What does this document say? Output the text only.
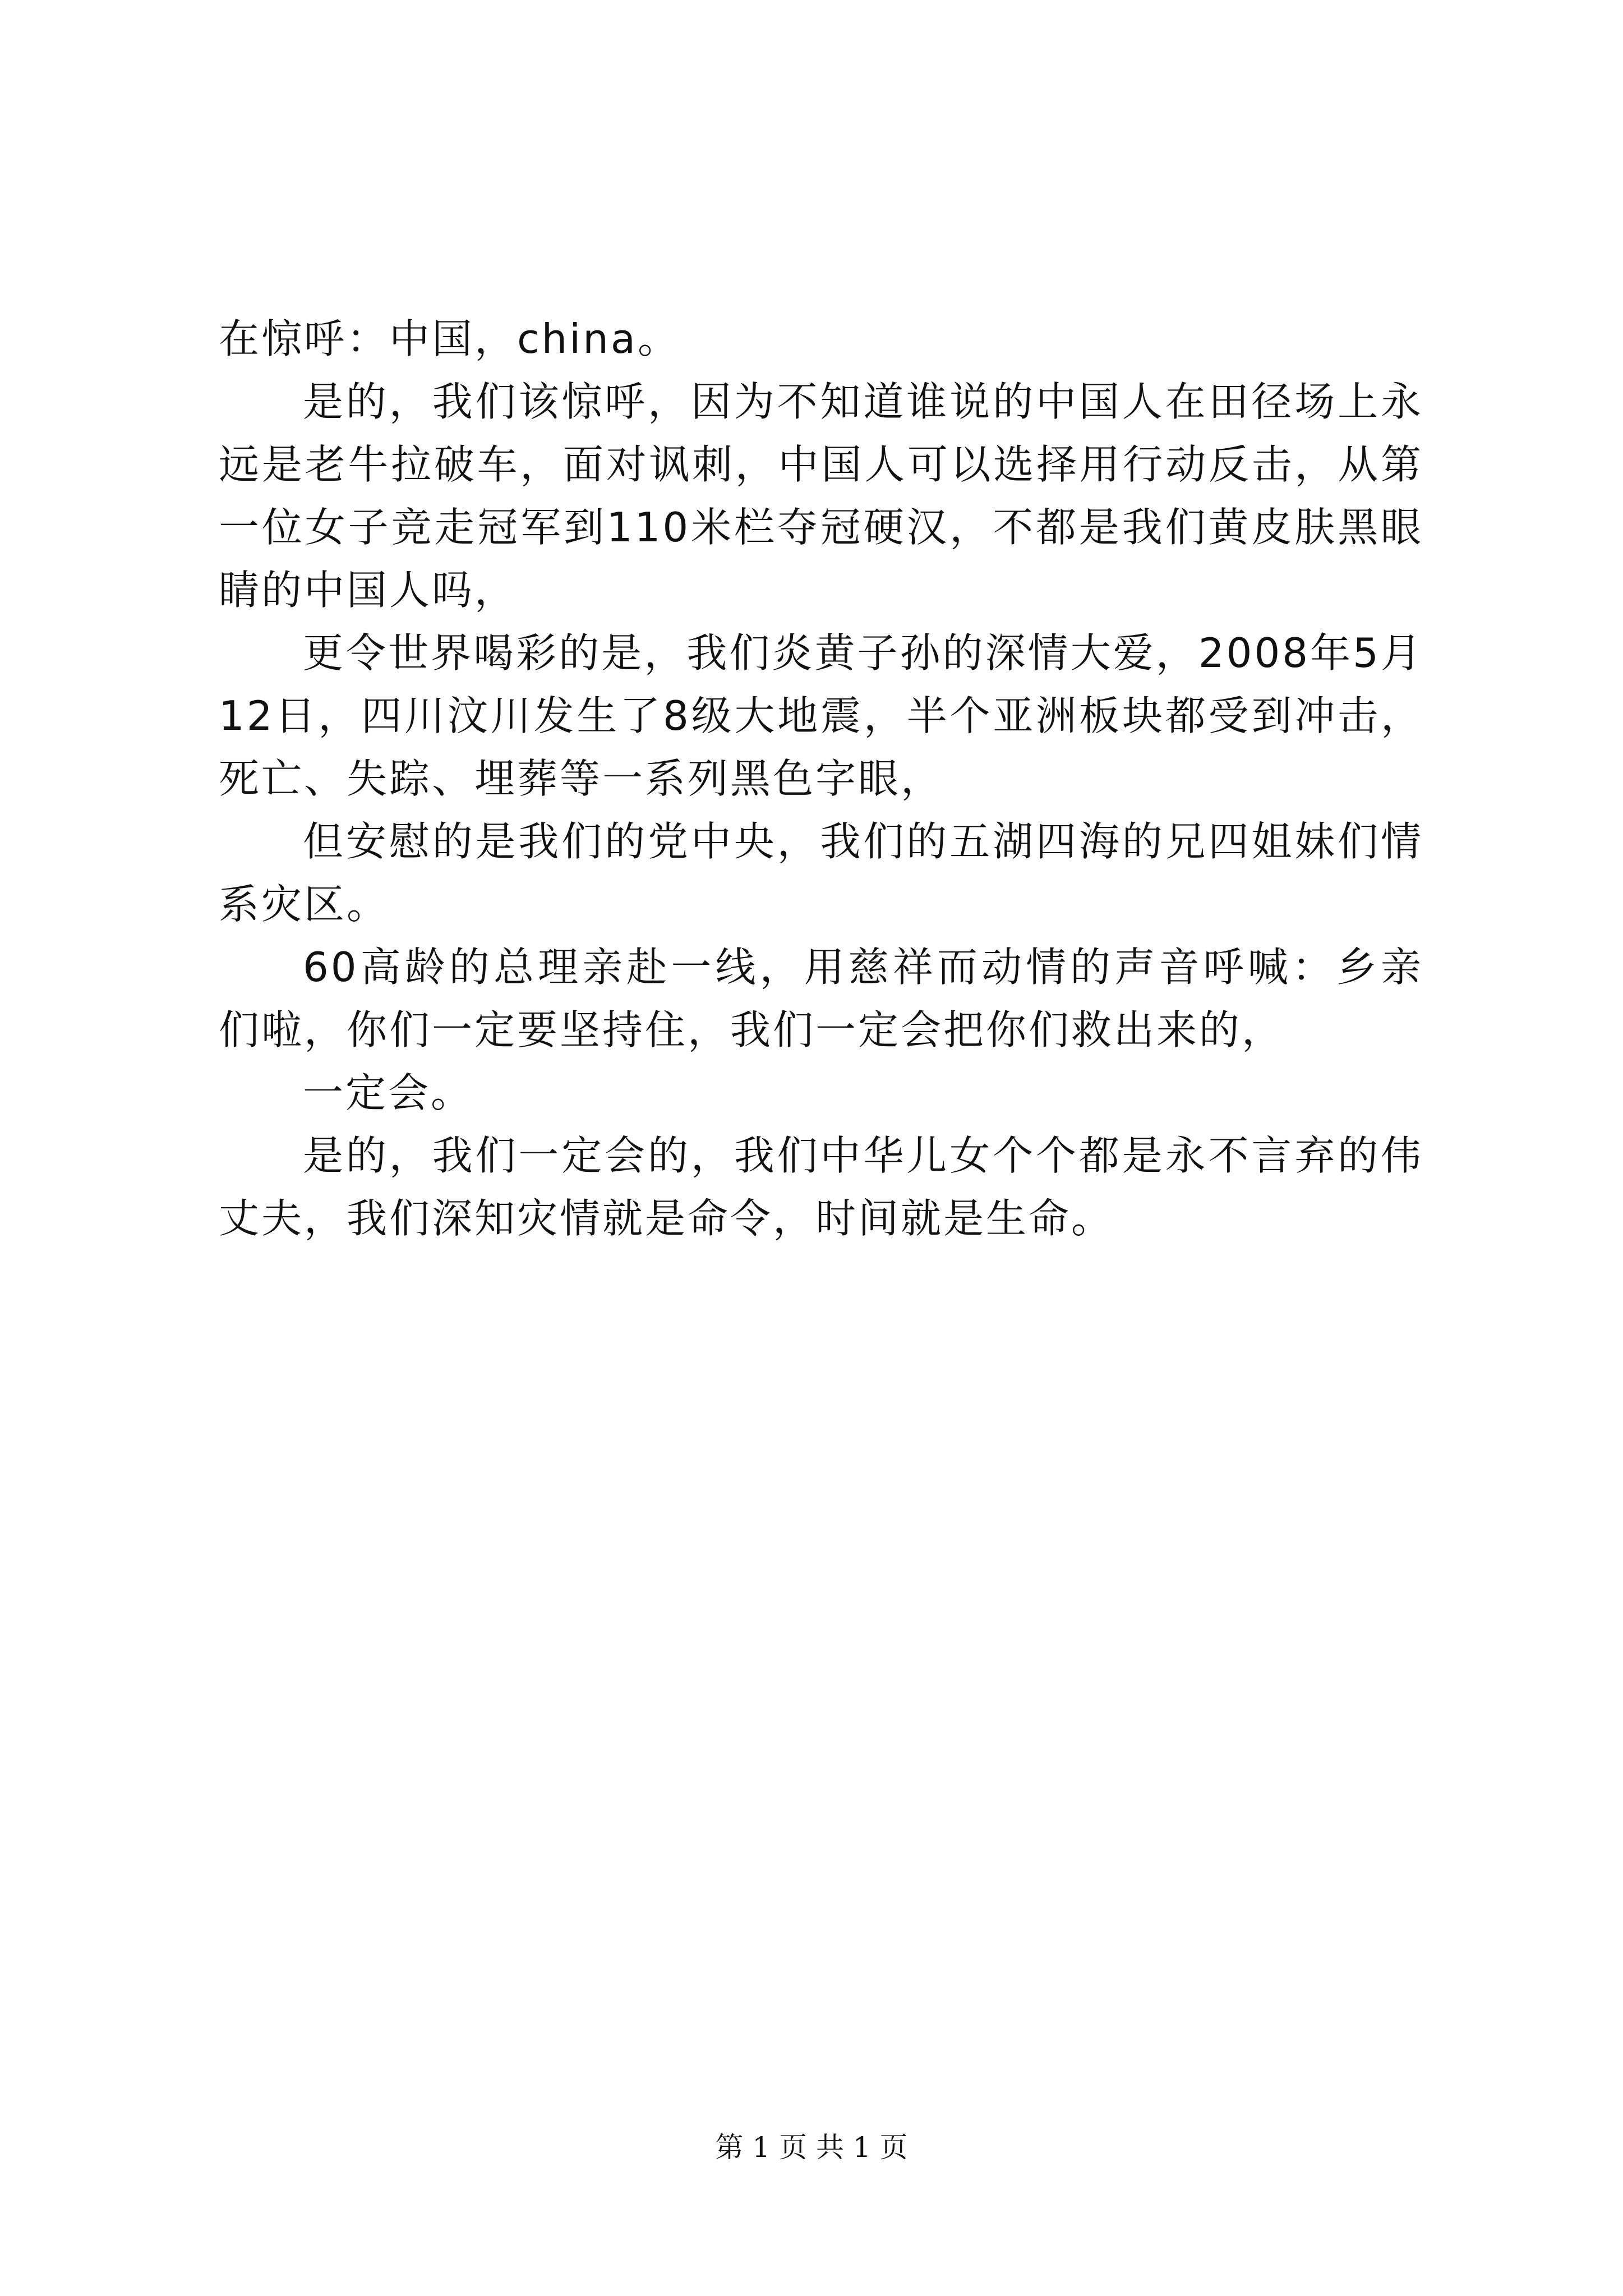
在惊呼：中国，china。

是的，我们该惊呼，因为不知道谁说的中国人在田径场上永远是老牛拉破车，面对讽刺，中国人可以选择用行动反击，从第一位女子竞走冠军到110米栏夺冠硬汉，不都是我们黄皮肤黑眼睛的中国人吗，

更令世界喝彩的是，我们炎黄子孙的深情大爱，2008年5月12日，四川汶川发生了8级大地震，半个亚洲板块都受到冲击，死亡、失踪、埋葬等一系列黑色字眼，

但安慰的是我们的党中央，我们的五湖四海的兄四姐妹们情系灾区。

60高龄的总理亲赴一线，用慈祥而动情的声音呼喊：乡亲们啦，你们一定要坚持住，我们一定会把你们救出来的，

一定会。

是的，我们一定会的，我们中华儿女个个都是永不言弃的伟丈夫，我们深知灾情就是命令，时间就是生命。

第 1 页 共 1 页
